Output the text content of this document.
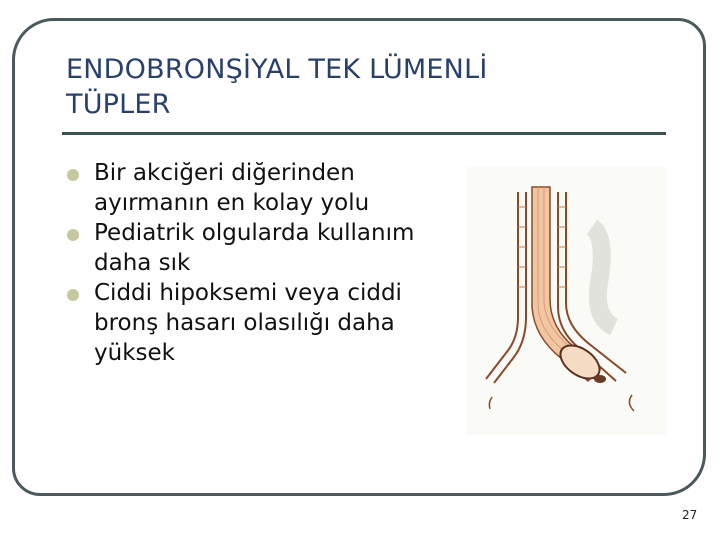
ENDOBRONŞİYAL TEK LÜMENLİ
TÜPLER
Bir akciğeri diğerinden
ayırmanın en kolay yolu
Pediatrik olgularda kullanım
daha sık
Ciddi hipoksemi veya ciddi
bronş hasarı olasılığı daha
yüksek
27
